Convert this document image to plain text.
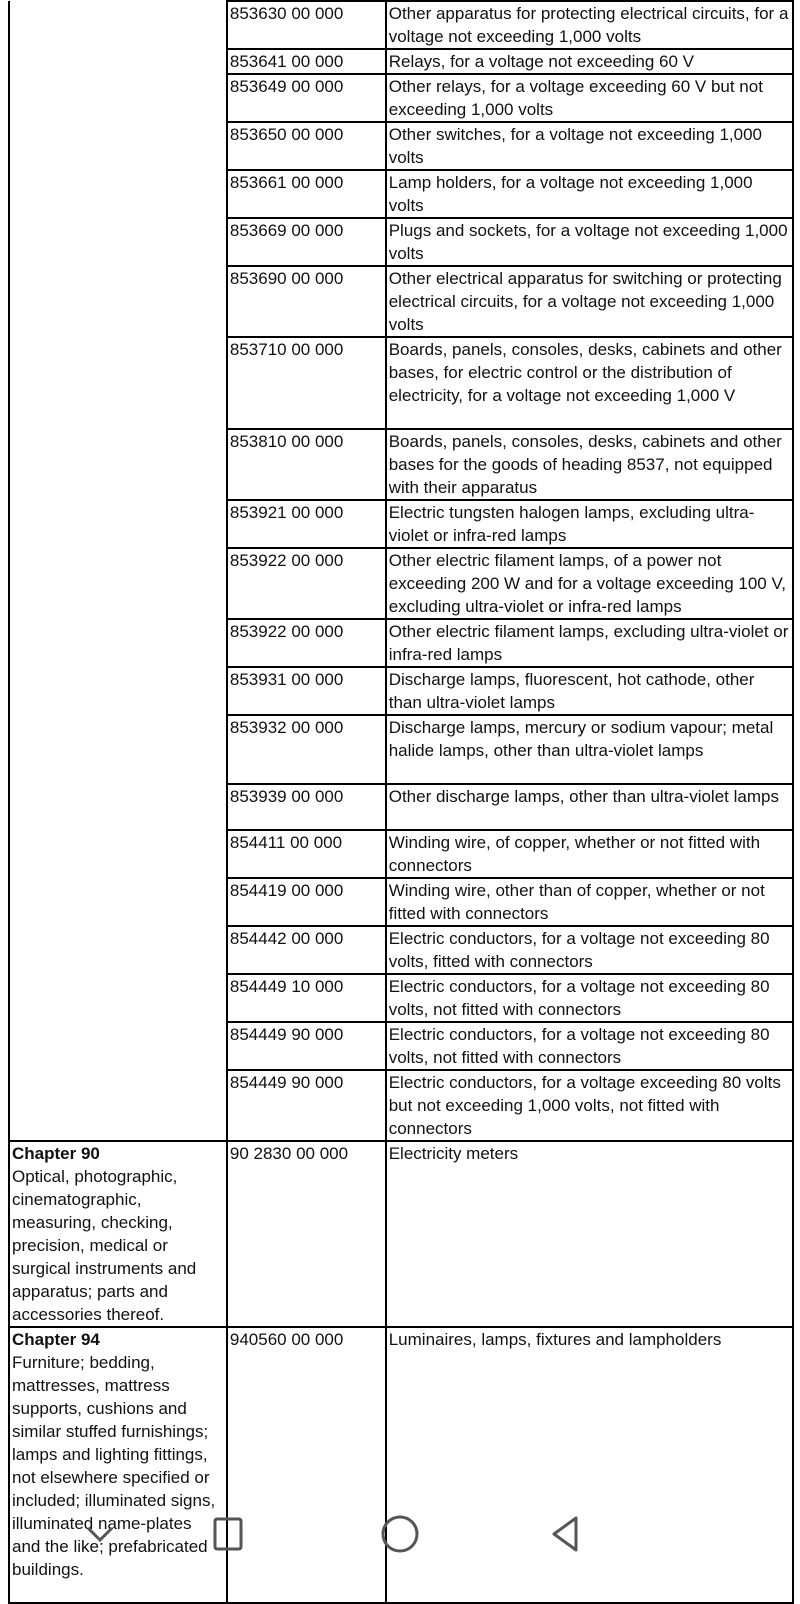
	853630 00 000	Other apparatus for protecting electrical circuits, for a voltage not exceeding 1,000 volts
	853641 00 000	Relays, for a voltage not exceeding 60 V
	853649 00 000	Other relays, for a voltage exceeding 60 V but not exceeding 1,000 volts
	853650 00 000	Other switches, for a voltage not exceeding 1,000 volts
	853661 00 000	Lamp holders, for a voltage not exceeding 1,000 volts
	853669 00 000	Plugs and sockets, for a voltage not exceeding 1,000 volts
	853690 00 000	Other electrical apparatus for switching or protecting electrical circuits, for a voltage not exceeding 1,000 volts
	853710 00 000	Boards, panels, consoles, desks, cabinets and other bases, for electric control or the distribution of electricity, for a voltage not exceeding 1,000 V
	853810 00 000	Boards, panels, consoles, desks, cabinets and other bases for the goods of heading 8537, not equipped with their apparatus
	853921 00 000	Electric tungsten halogen lamps, excluding ultra-violet or infra-red lamps
	853922 00 000	Other electric filament lamps, of a power not exceeding 200 W and for a voltage exceeding 100 V, excluding ultra-violet or infra-red lamps
	853922 00 000	Other electric filament lamps, excluding ultra-violet or infra-red lamps
	853931 00 000	Discharge lamps, fluorescent, hot cathode, other than ultra-violet lamps
	853932 00 000	Discharge lamps, mercury or sodium vapour; metal halide lamps, other than ultra-violet lamps
	853939 00 000	Other discharge lamps, other than ultra-violet lamps
	854411 00 000	Winding wire, of copper, whether or not fitted with connectors
	854419 00 000	Winding wire, other than of copper, whether or not fitted with connectors
	854442 00 000	Electric conductors, for a voltage not exceeding 80 volts, fitted with connectors
	854449 10 000	Electric conductors, for a voltage not exceeding 80 volts, not fitted with connectors
	854449 90 000	Electric conductors, for a voltage not exceeding 80 volts, not fitted with connectors
	854449 90 000	Electric conductors, for a voltage exceeding 80 volts but not exceeding 1,000 volts, not fitted with connectors

Chapter 90
Optical, photographic, cinematographic, measuring, checking, precision, medical or surgical instruments and apparatus; parts and accessories thereof.	90 2830 00 000	Electricity meters

Chapter 94
Furniture; bedding, mattresses, mattress supports, cushions and similar stuffed furnishings; lamps and lighting fittings, not elsewhere specified or included; illuminated signs, illuminated name-plates and the like; prefabricated buildings.	940560 00 000	Luminaires, lamps, fixtures and lampholders
